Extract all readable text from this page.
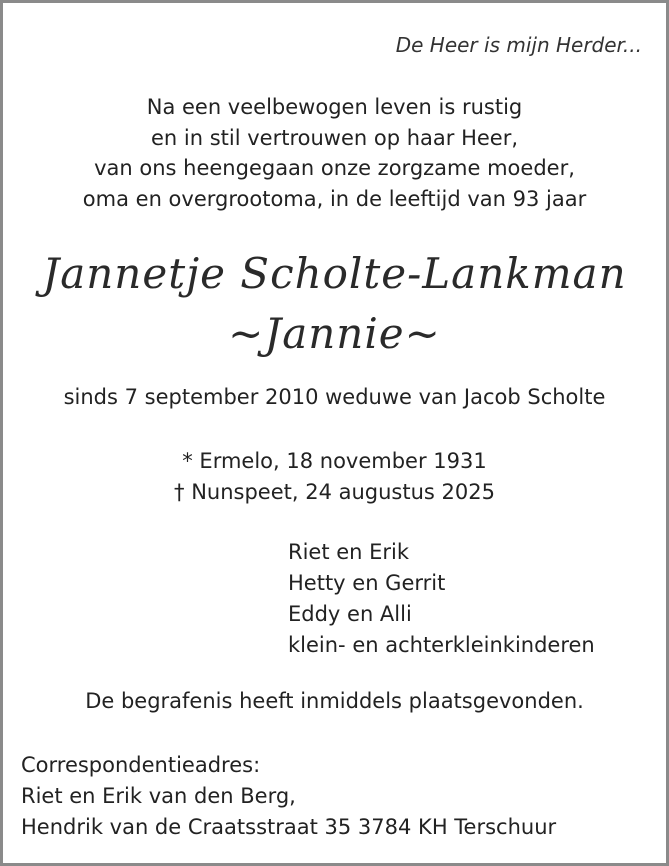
De Heer is mijn Herder...
Na een veelbewogen leven is rustig
en in stil vertrouwen op haar Heer,
van ons heengegaan onze zorgzame moeder,
oma en overgrootoma, in de leeftijd van 93 jaar
Jannetje Scholte-Lankman
~Jannie~
sinds 7 september 2010 weduwe van Jacob Scholte
* Ermelo, 18 november 1931
† Nunspeet, 24 augustus 2025
Riet en Erik
Hetty en Gerrit
Eddy en Alli
klein- en achterkleinkinderen
De begrafenis heeft inmiddels plaatsgevonden.
Correspondentieadres:
Riet en Erik van den Berg,
Hendrik van de Craatsstraat 35 3784 KH Terschuur
